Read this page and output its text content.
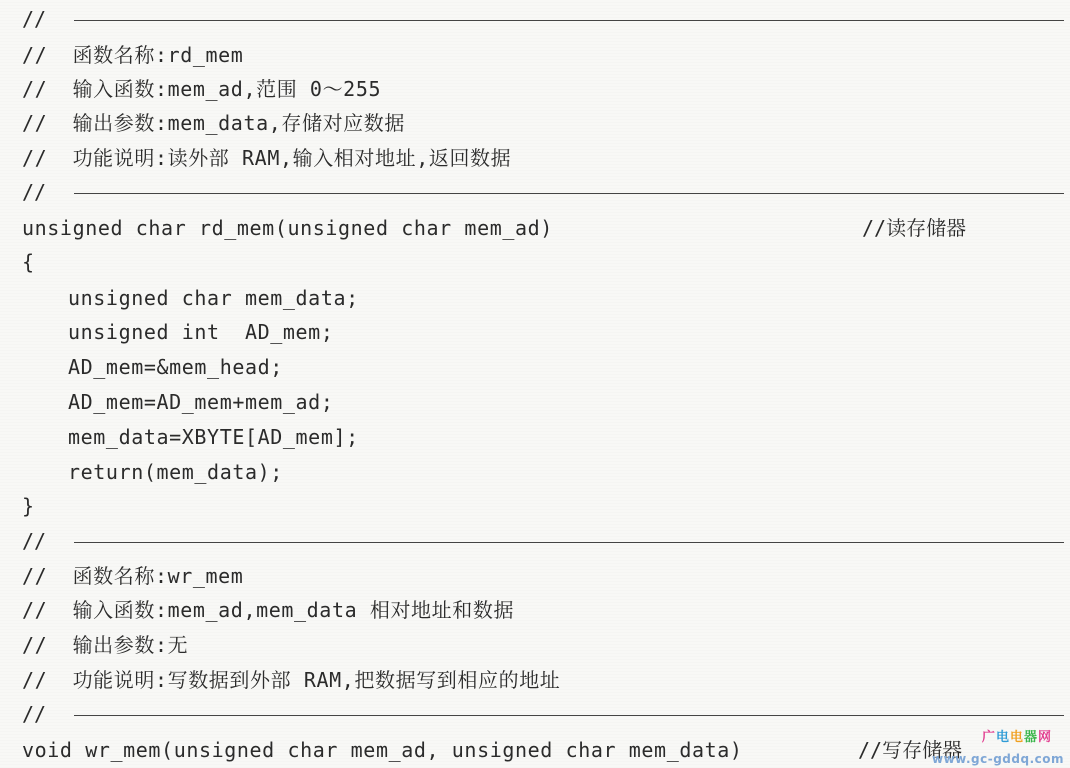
//
//  函数名称:rd_mem
//  输入函数:mem_ad,范围 0～255
//  输出参数:mem_data,存储对应数据
//  功能说明:读外部 RAM,输入相对地址,返回数据
//
unsigned char rd_mem(unsigned char mem_ad)	//读存储器
{
unsigned char mem_data;
unsigned int  AD_mem;
AD_mem=&mem_head;
AD_mem=AD_mem+mem_ad;
mem_data=XBYTE[AD_mem];
return(mem_data);
}
//
//  函数名称:wr_mem
//  输入函数:mem_ad,mem_data 相对地址和数据
//  输出参数:无
//  功能说明:写数据到外部 RAM,把数据写到相应的地址
//
void wr_mem(unsigned char mem_ad, unsigned char mem_data)	//写存储器
广电电器网
www.gc-gddq.com
